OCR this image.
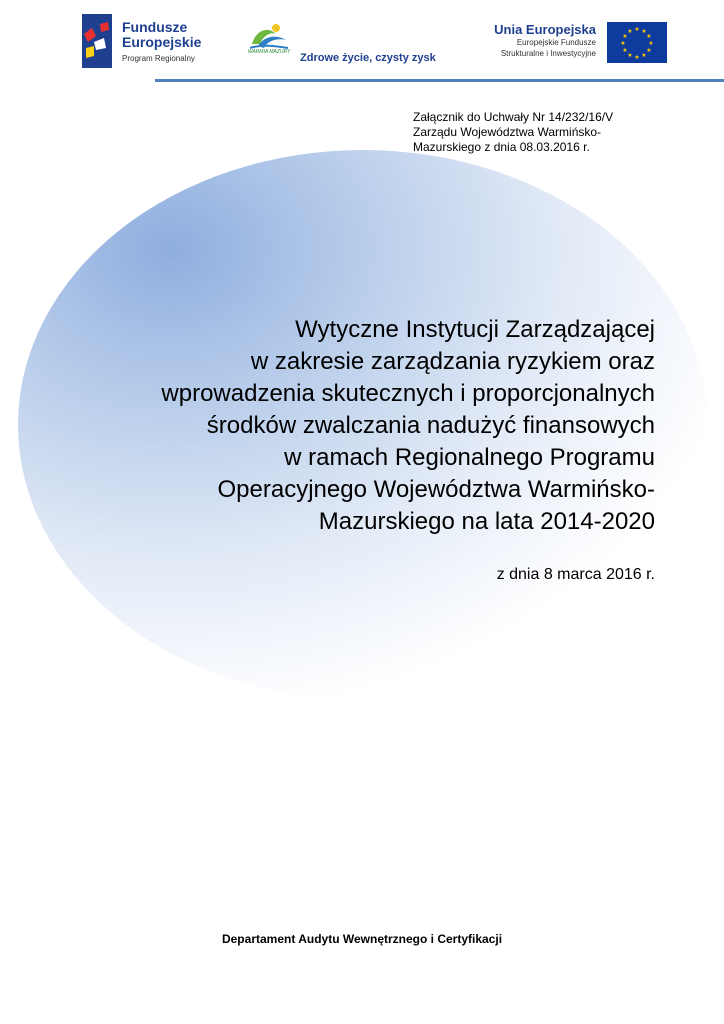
Fundusze
Europejskie
Program Regionalny
WARMIA MAZURY Zdrowe życie, czysty zysk
Unia Europejska
Europejskie Fundusze
Strukturalne i Inwestycyjne
★ ★
★
★
★
★
★
★
★
★
★
★
Załącznik do Uchwały Nr 14/232/16/V
Zarządu Województwa Warmińsko-
Mazurskiego z dnia 08.03.2016 r.
Wytyczne Instytucji Zarządzającej
w zakresie zarządzania ryzykiem oraz
wprowadzenia skutecznych i proporcjonalnych
środków zwalczania nadużyć finansowych
w ramach Regionalnego Programu
Operacyjnego Województwa Warmińsko-
Mazurskiego na lata 2014-2020
z dnia 8 marca 2016 r.
Departament Audytu Wewnętrznego i Certyfikacji
